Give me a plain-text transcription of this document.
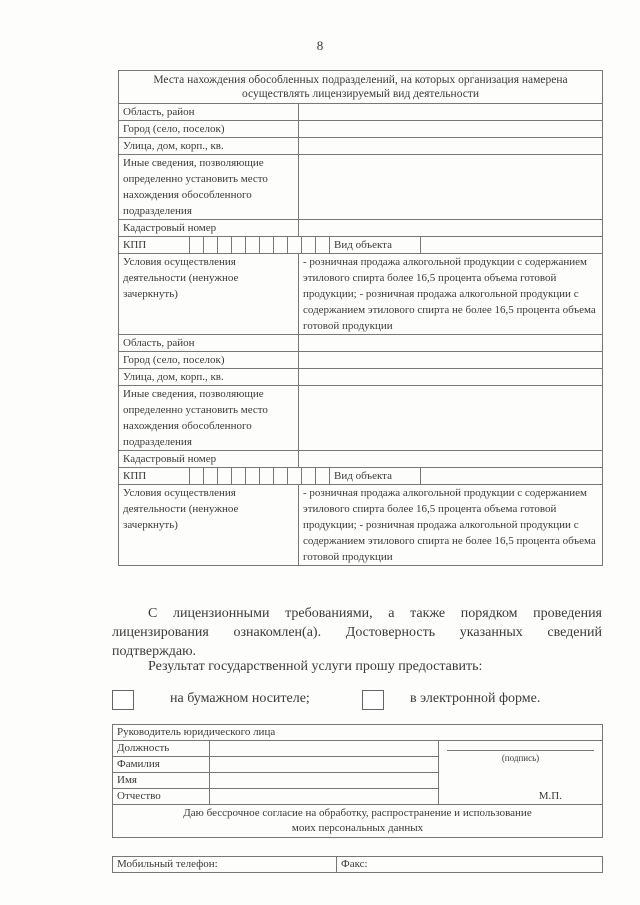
8
Места нахождения обособленных подразделений, на которых организация намерена осуществлять лицензируемый вид деятельности	
Область, район	
Город (село, поселок)	
Улица, дом, корп., кв.	
Иные сведения, позволяющие определенно установить место нахождения обособленного подразделения	
Кадастровый номер	

КПП Вид объекта	

Условия осуществления деятельности (ненужное зачеркнуть)	- розничная продажа алкогольной продукции с содержанием этилового спирта более 16,5 процента объема готовой продукции; - розничная продажа алкогольной продукции с содержанием этилового спирта не более 16,5 процента объема готовой продукции
Область, район	
Город (село, поселок)	
Улица, дом, корп., кв.	
Иные сведения, позволяющие определенно установить место нахождения обособленного подразделения	
Кадастровый номер	

КПП Вид объекта	

Условия осуществления деятельности (ненужное зачеркнуть)	- розничная продажа алкогольной продукции с содержанием этилового спирта более 16,5 процента объема готовой продукции; - розничная продажа алкогольной продукции с содержанием этилового спирта не более 16,5 процента объема готовой продукции
С лицензионными требованиями, а также порядком проведения лицензирования ознакомлен(а). Достоверность указанных сведений подтверждаю.
Результат государственной услуги прошу предоставить:
на бумажном носителе;	в электронной форме.
Руководитель юридического лица		
Должность		(подпись)
М.П.

Фамилия		
Имя		
Отчество		
Даю бессрочное согласие на обработку, распространение и использование моих персональных данных		
Мобильный телефон:	Факс:
